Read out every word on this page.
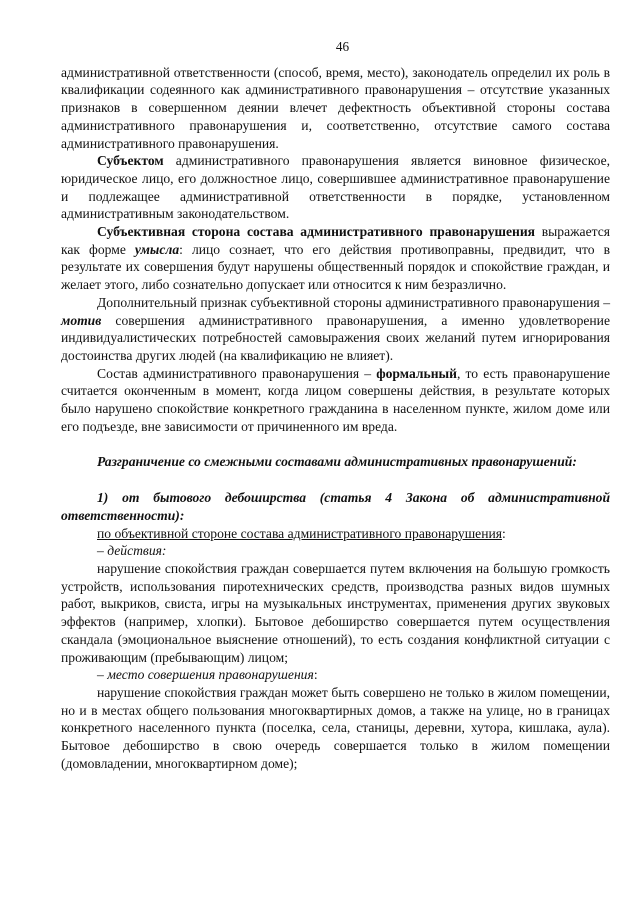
46

административной ответственности (способ, время, место), законодатель определил их роль в квалификации содеянного как административного правонарушения – отсутствие указанных признаков в совершенном деянии влечет дефектность объективной стороны состава административного правонарушения и, соответственно, отсутствие самого состава административного правонарушения.

Субъектом административного правонарушения является виновное физическое, юридическое лицо, его должностное лицо, совершившее административное правонарушение и подлежащее административной ответственности в порядке, установленном административным законодательством.

Субъективная сторона состава административного правонарушения выражается как форме умысла: лицо сознает, что его действия противоправны, предвидит, что в результате их совершения будут нарушены общественный порядок и спокойствие граждан, и желает этого, либо сознательно допускает или относится к ним безразлично.

Дополнительный признак субъективной стороны административного правонарушения – мотив совершения административного правонарушения, а именно удовлетворение индивидуалистических потребностей самовыражения своих желаний путем игнорирования достоинства других людей (на квалификацию не влияет).

Состав административного правонарушения – формальный, то есть правонарушение считается оконченным в момент, когда лицом совершены действия, в результате которых было нарушено спокойствие конкретного гражданина в населенном пункте, жилом доме или его подъезде, вне зависимости от причиненного им вреда.

Разграничение со смежными составами административных правонарушений:

1) от бытового дебоширства (статья 4 Закона об административной ответственности):

по объективной стороне состава административного правонарушения:

– действия:

нарушение спокойствия граждан совершается путем включения на большую громкость устройств, использования пиротехнических средств, производства разных видов шумных работ, выкриков, свиста, игры на музыкальных инструментах, применения других звуковых эффектов (например, хлопки). Бытовое дебоширство совершается путем осуществления скандала (эмоциональное выяснение отношений), то есть создания конфликтной ситуации с проживающим (пребывающим) лицом;

– место совершения правонарушения:

нарушение спокойствия граждан может быть совершено не только в жилом помещении, но и в местах общего пользования многоквартирных домов, а также на улице, но в границах конкретного населенного пункта (поселка, села, станицы, деревни, хутора, кишлака, аула). Бытовое дебоширство в свою очередь совершается только в жилом помещении (домовладении, многоквартирном доме);
